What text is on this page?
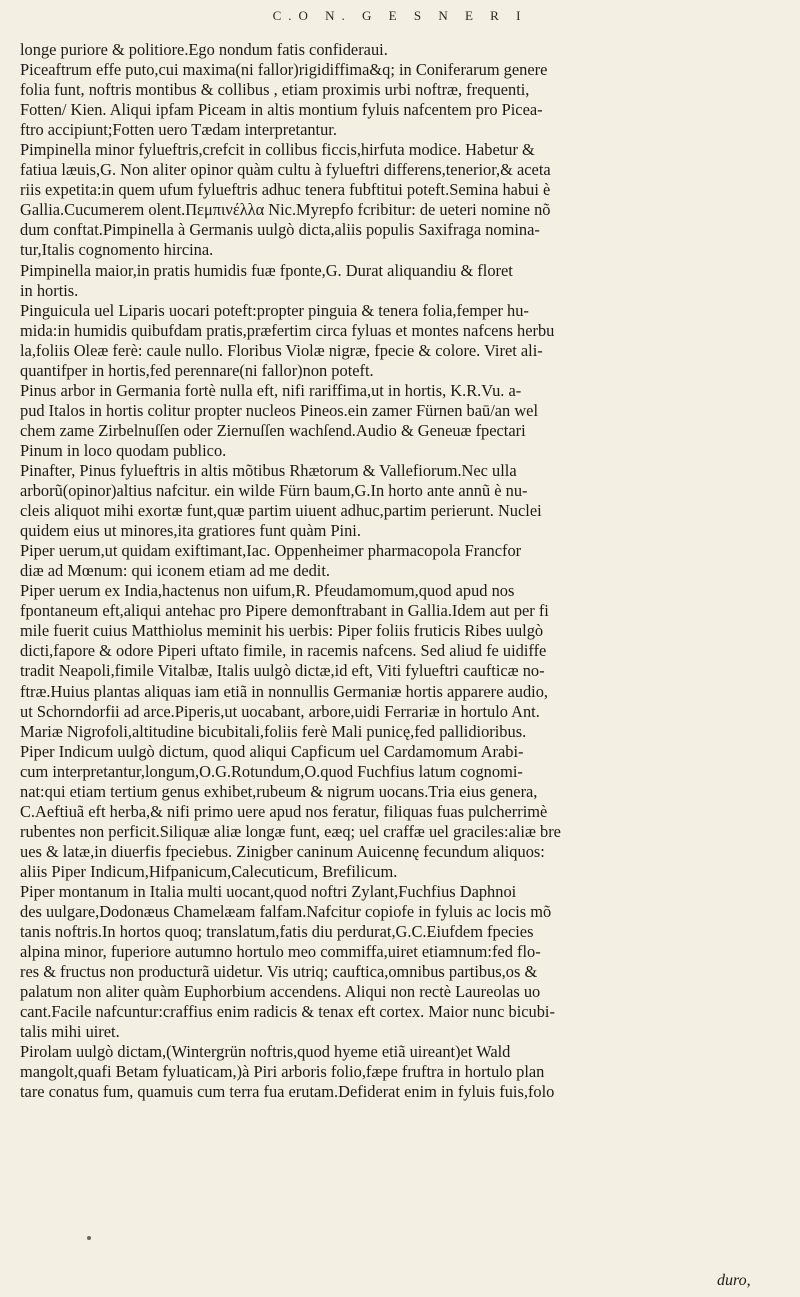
C.O N. G E S N E R I
longe puriore & politiore.Ego nondum fatis confideraui.
Piceaftrum effe puto,cui maxima(ni fallor)rigidiffima&q; in Coniferarum genere
folia funt, noftris montibus & collibus , etiam proximis urbi noftræ, frequenti,
Fotten/ Kien. Aliqui ipfam Piceam in altis montium fyluis nafcentem pro Picea-
ftro accipiunt;Fotten uero Tædam interpretantur.
Pimpinella minor fylueftris,crefcit in collibus ficcis,hirfuta modice. Habetur &
fatiua læuis,G. Non aliter opinor quàm cultu à fylueftri differens,tenerior,& aceta
riis expetita:in quem ufum fylueftris adhuc tenera fubftitui poteft.Semina habui è
Gallia.Cucumerem olent.Πεμπινέλλα Nic.Myrepfo fcribitur: de ueteri nomine nõ
dum conftat.Pimpinella à Germanis uulgò dicta,aliis populis Saxifraga nomina-
tur,Italis cognomento hircina.
Pimpinella maior,in pratis humidis fuæ fponte,G. Durat aliquandiu & floret
in hortis.
Pinguicula uel Liparis uocari poteft:propter pinguia & tenera folia,femper hu-
mida:in humidis quibufdam pratis,præfertim circa fyluas et montes nafcens herbu
la,foliis Oleæ ferè: caule nullo. Floribus Violæ nigræ, fpecie & colore. Viret ali-
quantifper in hortis,fed perennare(ni fallor)non poteft.
Pinus arbor in Germania fortè nulla eft, nifi rariffima,ut in hortis, K.R.Vu. a-
pud Italos in hortis colitur propter nucleos Pineos.ein zamer Fürnen baū/an wel
chem zame Zirbelnuſſen oder Ziernuſſen wachſend.Audio & Geneuæ fpectari
Pinum in loco quodam publico.
Pinafter, Pinus fylueftris in altis mõtibus Rhætorum & Vallefiorum.Nec ulla
arborũ(opinor)altius nafcitur. ein wilde Fürn baum,G.In horto ante annũ è nu-
cleis aliquot mihi exortæ funt,quæ partim uiuent adhuc,partim perierunt. Nuclei
quidem eius ut minores,ita gratiores funt quàm Pini.
Piper uerum,ut quidam exiftimant,Iac. Oppenheimer pharmacopola Francfor
diæ ad Mœnum: qui iconem etiam ad me dedit.
Piper uerum ex India,hactenus non uifum,R. Pfeudamomum,quod apud nos
fpontaneum eft,aliqui antehac pro Pipere demonftrabant in Gallia.Idem aut per fi
mile fuerit cuius Matthiolus meminit his uerbis: Piper foliis fruticis Ribes uulgò
dicti,fapore & odore Piperi uftato fimile, in racemis nafcens. Sed aliud fe uidiffe
tradit Neapoli,fimile Vitalbæ, Italis uulgò dictæ,id eft, Viti fylueftri caufticæ no-
ftræ.Huius plantas aliquas iam etiã in nonnullis Germaniæ hortis apparere audio,
ut Schorndorfii ad arce.Piperis,ut uocabant, arbore,uidi Ferrariæ in hortulo Ant.
Mariæ Nigrofoli,altitudine bicubitali,foliis ferè Mali punicę,fed pallidioribus.
Piper Indicum uulgò dictum, quod aliqui Capficum uel Cardamomum Arabi-
cum interpretantur,longum,O.G.Rotundum,O.quod Fuchfius latum cognomi-
nat:qui etiam tertium genus exhibet,rubeum & nigrum uocans.Tria eius genera,
C.Aeftiuã eft herba,& nifi primo uere apud nos feratur, filiquas fuas pulcherrimè
rubentes non perficit.Siliquæ aliæ longæ funt, eæq; uel craffæ uel graciles:aliæ bre
ues & latæ,in diuerfis fpeciebus. Zinigber caninum Auicennę fecundum aliquos:
aliis Piper Indicum,Hifpanicum,Calecuticum, Brefilicum.
Piper montanum in Italia multi uocant,quod noftri Zylant,Fuchfius Daphnoi
des uulgare,Dodonæus Chamelæam falfam.Nafcitur copiofe in fyluis ac locis mõ
tanis noftris.In hortos quoq; translatum,fatis diu perdurat,G.C.Eiufdem fpecies
alpina minor, fuperiore autumno hortulo meo commiffa,uiret etiamnum:fed flo-
res & fructus non producturã uidetur. Vis utriq; cauftica,omnibus partibus,os &
palatum non aliter quàm Euphorbium accendens. Aliqui non rectè Laureolas uo
cant.Facile nafcuntur:craffius enim radicis & tenax eft cortex. Maior nunc bicubi-
talis mihi uiret.
Pirolam uulgò dictam,(Wintergrün noftris,quod hyeme etiã uireant)et Wald
mangolt,quafi Betam fyluaticam,)à Piri arboris folio,fæpe fruftra in hortulo plan
tare conatus fum, quamuis cum terra fua erutam.Defiderat enim in fyluis fuis,folo
duro,
